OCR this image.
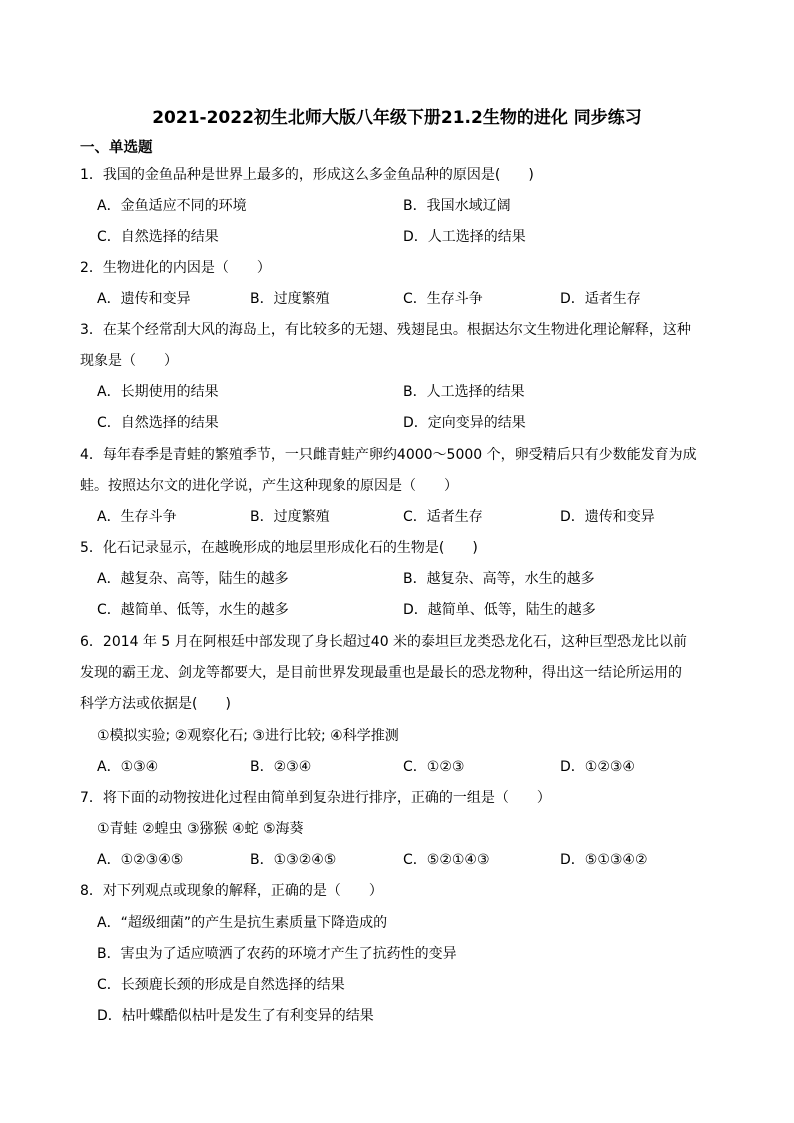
2021-2022初生北师大版八年级下册21.2生物的进化 同步练习
一、单选题
1．我国的金鱼品种是世界上最多的，形成这么多金鱼品种的原因是(　　)
A．金鱼适应不同的环境	B．我国水域辽阔
C．自然选择的结果	D．人工选择的结果
2．生物进化的内因是（　　）
A．遗传和变异	B．过度繁殖	C．生存斗争	D．适者生存
3．在某个经常刮大风的海岛上，有比较多的无翅、残翅昆虫。根据达尔文生物进化理论解释，这种
现象是（　　）
A．长期使用的结果	B．人工选择的结果
C．自然选择的结果	D．定向变异的结果
4．每年春季是青蛙的繁殖季节，一只雌青蛙产卵约4000～5000 个，卵受精后只有少数能发育为成
蛙。按照达尔文的进化学说，产生这种现象的原因是（　　）
A．生存斗争	B．过度繁殖	C．适者生存	D．遗传和变异
5．化石记录显示，在越晚形成的地层里形成化石的生物是(　　)
A．越复杂、高等，陆生的越多	B．越复杂、高等，水生的越多
C．越简单、低等，水生的越多	D．越简单、低等，陆生的越多
6．2014 年 5 月在阿根廷中部发现了身长超过40 米的泰坦巨龙类恐龙化石，这种巨型恐龙比以前
发现的霸王龙、剑龙等都要大，是目前世界发现最重也是最长的恐龙物种，得出这一结论所运用的
科学方法或依据是(　　)
①模拟实验; ②观察化石; ③进行比较; ④科学推测
A．①③④	B．②③④	C．①②③	D．①②③④
7．将下面的动物按进化过程由简单到复杂进行排序，正确的一组是（　　）
①青蛙 ②蝗虫 ③猕猴 ④蛇 ⑤海葵
A．①②③④⑤	B．①③②④⑤	C．⑤②①④③	D．⑤①③④②
8．对下列观点或现象的解释，正确的是（　　）
A．“超级细菌”的产生是抗生素质量下降造成的
B．害虫为了适应喷洒了农药的环境才产生了抗药性的变异
C．长颈鹿长颈的形成是自然选择的结果
D．枯叶蝶酷似枯叶是发生了有利变异的结果
